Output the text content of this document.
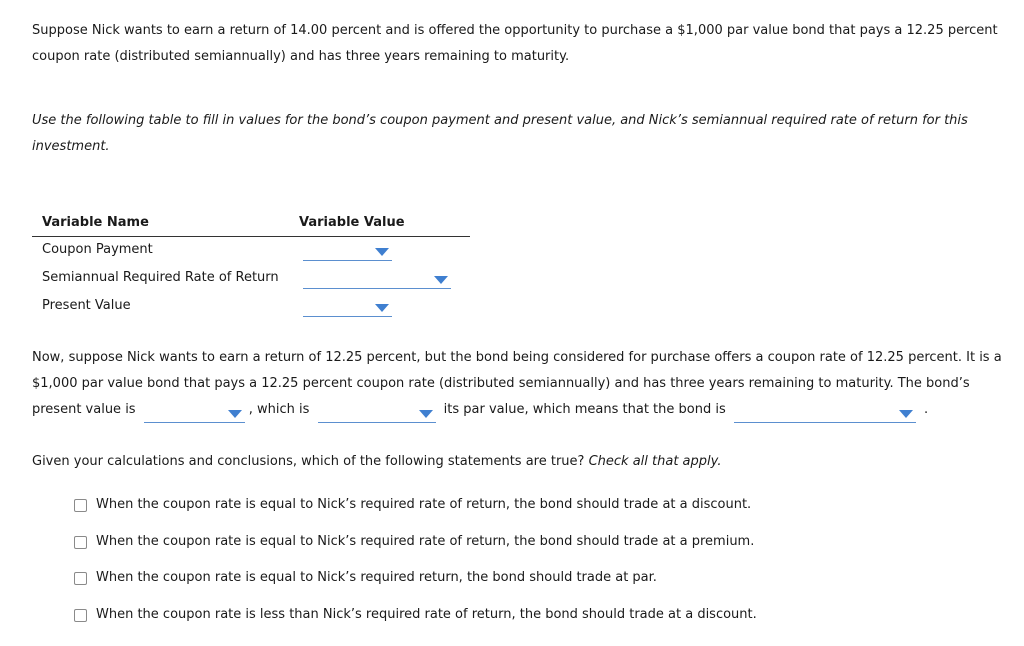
Suppose Nick wants to earn a return of 14.00 percent and is offered the opportunity to purchase a $1,000 par value bond that pays a 12.25 percent coupon rate (distributed semiannually) and has three years remaining to maturity.
Use the following table to fill in values for the bond’s coupon payment and present value, and Nick’s semiannual required rate of return for this investment.
Variable Name	Variable Value
Coupon Payment
Semiannual Required Rate of Return
Present Value
Now, suppose Nick wants to earn a return of 12.25 percent, but the bond being considered for purchase offers a coupon rate of 12.25 percent. It is a $1,000 par value bond that pays a 12.25 percent coupon rate (distributed semiannually) and has three years remaining to maturity. The bond’s present value is	, which is	its par value, which means that the bond is	.
Given your calculations and conclusions, which of the following statements are true? Check all that apply.
When the coupon rate is equal to Nick’s required rate of return, the bond should trade at a discount.
When the coupon rate is equal to Nick’s required rate of return, the bond should trade at a premium.
When the coupon rate is equal to Nick’s required return, the bond should trade at par.
When the coupon rate is less than Nick’s required rate of return, the bond should trade at a discount.
